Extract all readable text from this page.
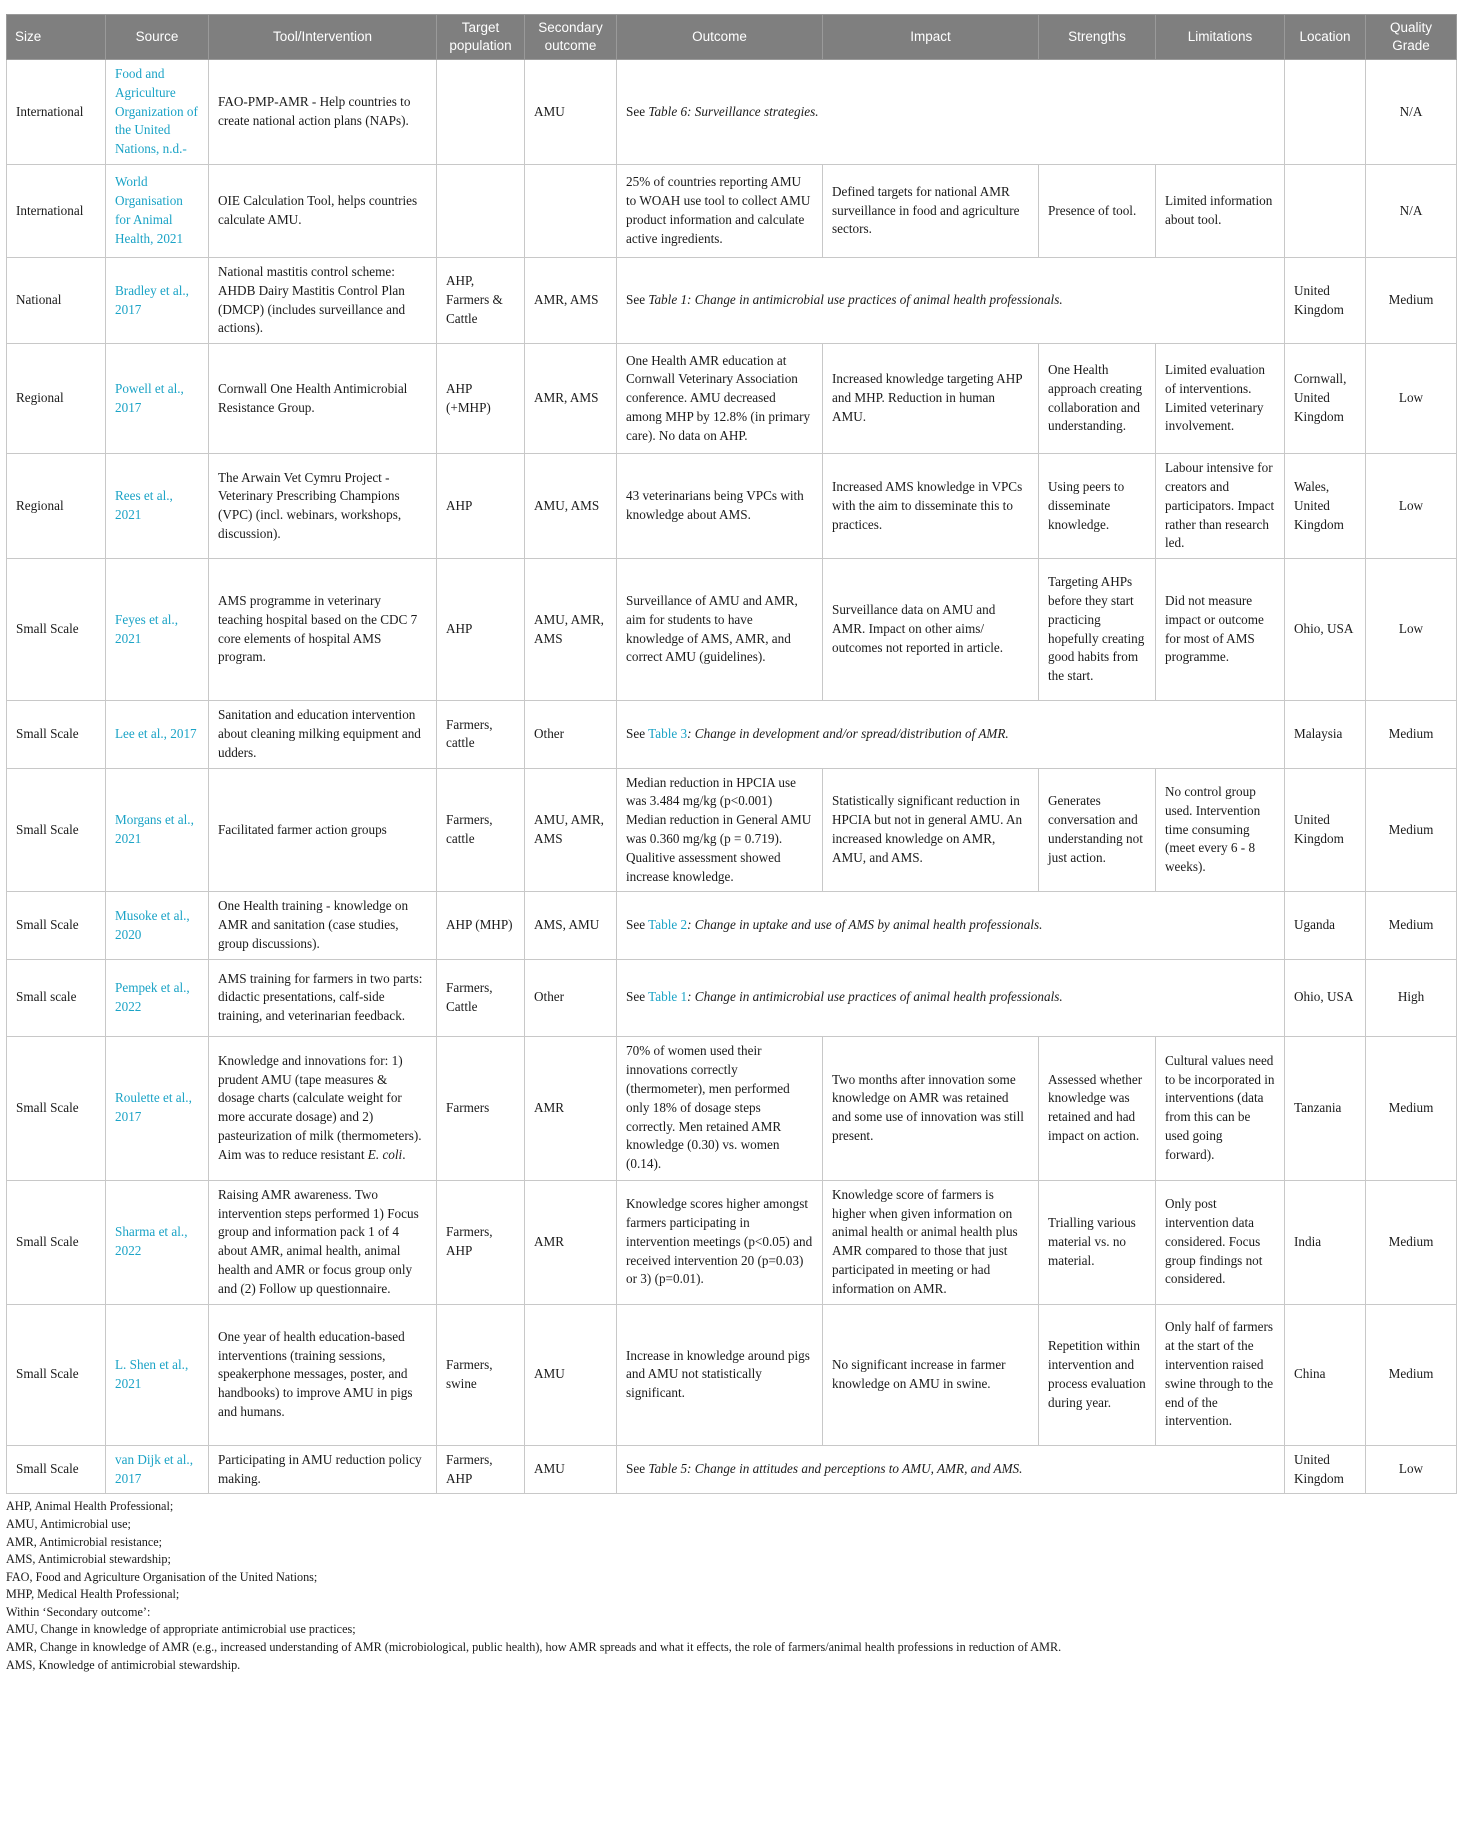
Size	Source	Tool/Intervention	Target population	Secondary outcome	Outcome	Impact	Strengths	Limitations	Location	Quality Grade
International	Food and Agriculture Organization of the United Nations, n.d.-	FAO-PMP-AMR - Help countries to create national action plans (NAPs).		AMU	See Table 6: Surveillance strategies.					N/A
International	World Organisation for Animal Health, 2021	OIE Calculation Tool, helps countries calculate AMU.			25% of countries reporting AMU to WOAH use tool to collect AMU product information and calculate active ingredients.	Defined targets for national AMR surveillance in food and agriculture sectors.	Presence of tool.	Limited information about tool.		N/A
National	Bradley et al., 2017	National mastitis control scheme: AHDB Dairy Mastitis Control Plan (DMCP) (includes surveillance and actions).	AHP, Farmers & Cattle	AMR, AMS	See Table 1: Change in antimicrobial use practices of animal health professionals.				United Kingdom	Medium
Regional	Powell et al., 2017	Cornwall One Health Antimicrobial Resistance Group.	AHP (+MHP)	AMR, AMS	One Health AMR education at Cornwall Veterinary Association conference. AMU decreased among MHP by 12.8% (in primary care). No data on AHP.	Increased knowledge targeting AHP and MHP. Reduction in human AMU.	One Health approach creating collaboration and understanding.	Limited evaluation of interventions. Limited veterinary involvement.	Cornwall, United Kingdom	Low
Regional	Rees et al., 2021	The Arwain Vet Cymru Project - Veterinary Prescribing Champions (VPC) (incl. webinars, workshops, discussion).	AHP	AMU, AMS	43 veterinarians being VPCs with knowledge about AMS.	Increased AMS knowledge in VPCs with the aim to disseminate this to practices.	Using peers to disseminate knowledge.	Labour intensive for creators and participators. Impact rather than research led.	Wales, United Kingdom	Low
Small Scale	Feyes et al., 2021	AMS programme in veterinary teaching hospital based on the CDC 7 core elements of hospital AMS program.	AHP	AMU, AMR, AMS	Surveillance of AMU and AMR, aim for students to have knowledge of AMS, AMR, and correct AMU (guidelines).	Surveillance data on AMU and AMR. Impact on other aims/ outcomes not reported in article.	Targeting AHPs before they start practicing hopefully creating good habits from the start.	Did not measure impact or outcome for most of AMS programme.	Ohio, USA	Low
Small Scale	Lee et al., 2017	Sanitation and education intervention about cleaning milking equipment and udders.	Farmers, cattle	Other	See Table 3: Change in development and/or spread/distribution of AMR.				Malaysia	Medium
Small Scale	Morgans et al., 2021	Facilitated farmer action groups	Farmers, cattle	AMU, AMR, AMS	Median reduction in HPCIA use was 3.484 mg/kg (p<0.001) Median reduction in General AMU was 0.360 mg/kg (p = 0.719). Qualitive assessment showed increase knowledge.	Statistically significant reduction in HPCIA but not in general AMU. An increased knowledge on AMR, AMU, and AMS.	Generates conversation and understanding not just action.	No control group used. Intervention time consuming (meet every 6 - 8 weeks).	United Kingdom	Medium
Small Scale	Musoke et al., 2020	One Health training - knowledge on AMR and sanitation (case studies, group discussions).	AHP (MHP)	AMS, AMU	See Table 2: Change in uptake and use of AMS by animal health professionals.				Uganda	Medium
Small scale	Pempek et al., 2022	AMS training for farmers in two parts: didactic presentations, calf-side training, and veterinarian feedback.	Farmers, Cattle	Other	See Table 1: Change in antimicrobial use practices of animal health professionals.				Ohio, USA	High
Small Scale	Roulette et al., 2017	Knowledge and innovations for: 1) prudent AMU (tape measures & dosage charts (calculate weight for more accurate dosage) and 2) pasteurization of milk (thermometers). Aim was to reduce resistant E. coli.	Farmers	AMR	70% of women used their innovations correctly (thermometer), men performed only 18% of dosage steps correctly. Men retained AMR knowledge (0.30) vs. women (0.14).	Two months after innovation some knowledge on AMR was retained and some use of innovation was still present.	Assessed whether knowledge was retained and had impact on action.	Cultural values need to be incorporated in interventions (data from this can be used going forward).	Tanzania	Medium
Small Scale	Sharma et al., 2022	Raising AMR awareness. Two intervention steps performed 1) Focus group and information pack 1 of 4 about AMR, animal health, animal health and AMR or focus group only and (2) Follow up questionnaire.	Farmers, AHP	AMR	Knowledge scores higher amongst farmers participating in intervention meetings (p<0.05) and received intervention 20 (p=0.03) or 3) (p=0.01).	Knowledge score of farmers is higher when given information on animal health or animal health plus AMR compared to those that just participated in meeting or had information on AMR.	Trialling various material vs. no material.	Only post intervention data considered. Focus group findings not considered.	India	Medium
Small Scale	L. Shen et al., 2021	One year of health education-based interventions (training sessions, speakerphone messages, poster, and handbooks) to improve AMU in pigs and humans.	Farmers, swine	AMU	Increase in knowledge around pigs and AMU not statistically significant.	No significant increase in farmer knowledge on AMU in swine.	Repetition within intervention and process evaluation during year.	Only half of farmers at the start of the intervention raised swine through to the end of the intervention.	China	Medium
Small Scale	van Dijk et al., 2017	Participating in AMU reduction policy making.	Farmers, AHP	AMU	See Table 5: Change in attitudes and perceptions to AMU, AMR, and AMS.				United Kingdom	Low
AHP, Animal Health Professional;
AMU, Antimicrobial use;
AMR, Antimicrobial resistance;
AMS, Antimicrobial stewardship;
FAO, Food and Agriculture Organisation of the United Nations;
MHP, Medical Health Professional;
Within ‘Secondary outcome’:
AMU, Change in knowledge of appropriate antimicrobial use practices;
AMR, Change in knowledge of AMR (e.g., increased understanding of AMR (microbiological, public health), how AMR spreads and what it effects, the role of farmers/animal health professions in reduction of AMR.
AMS, Knowledge of antimicrobial stewardship.
